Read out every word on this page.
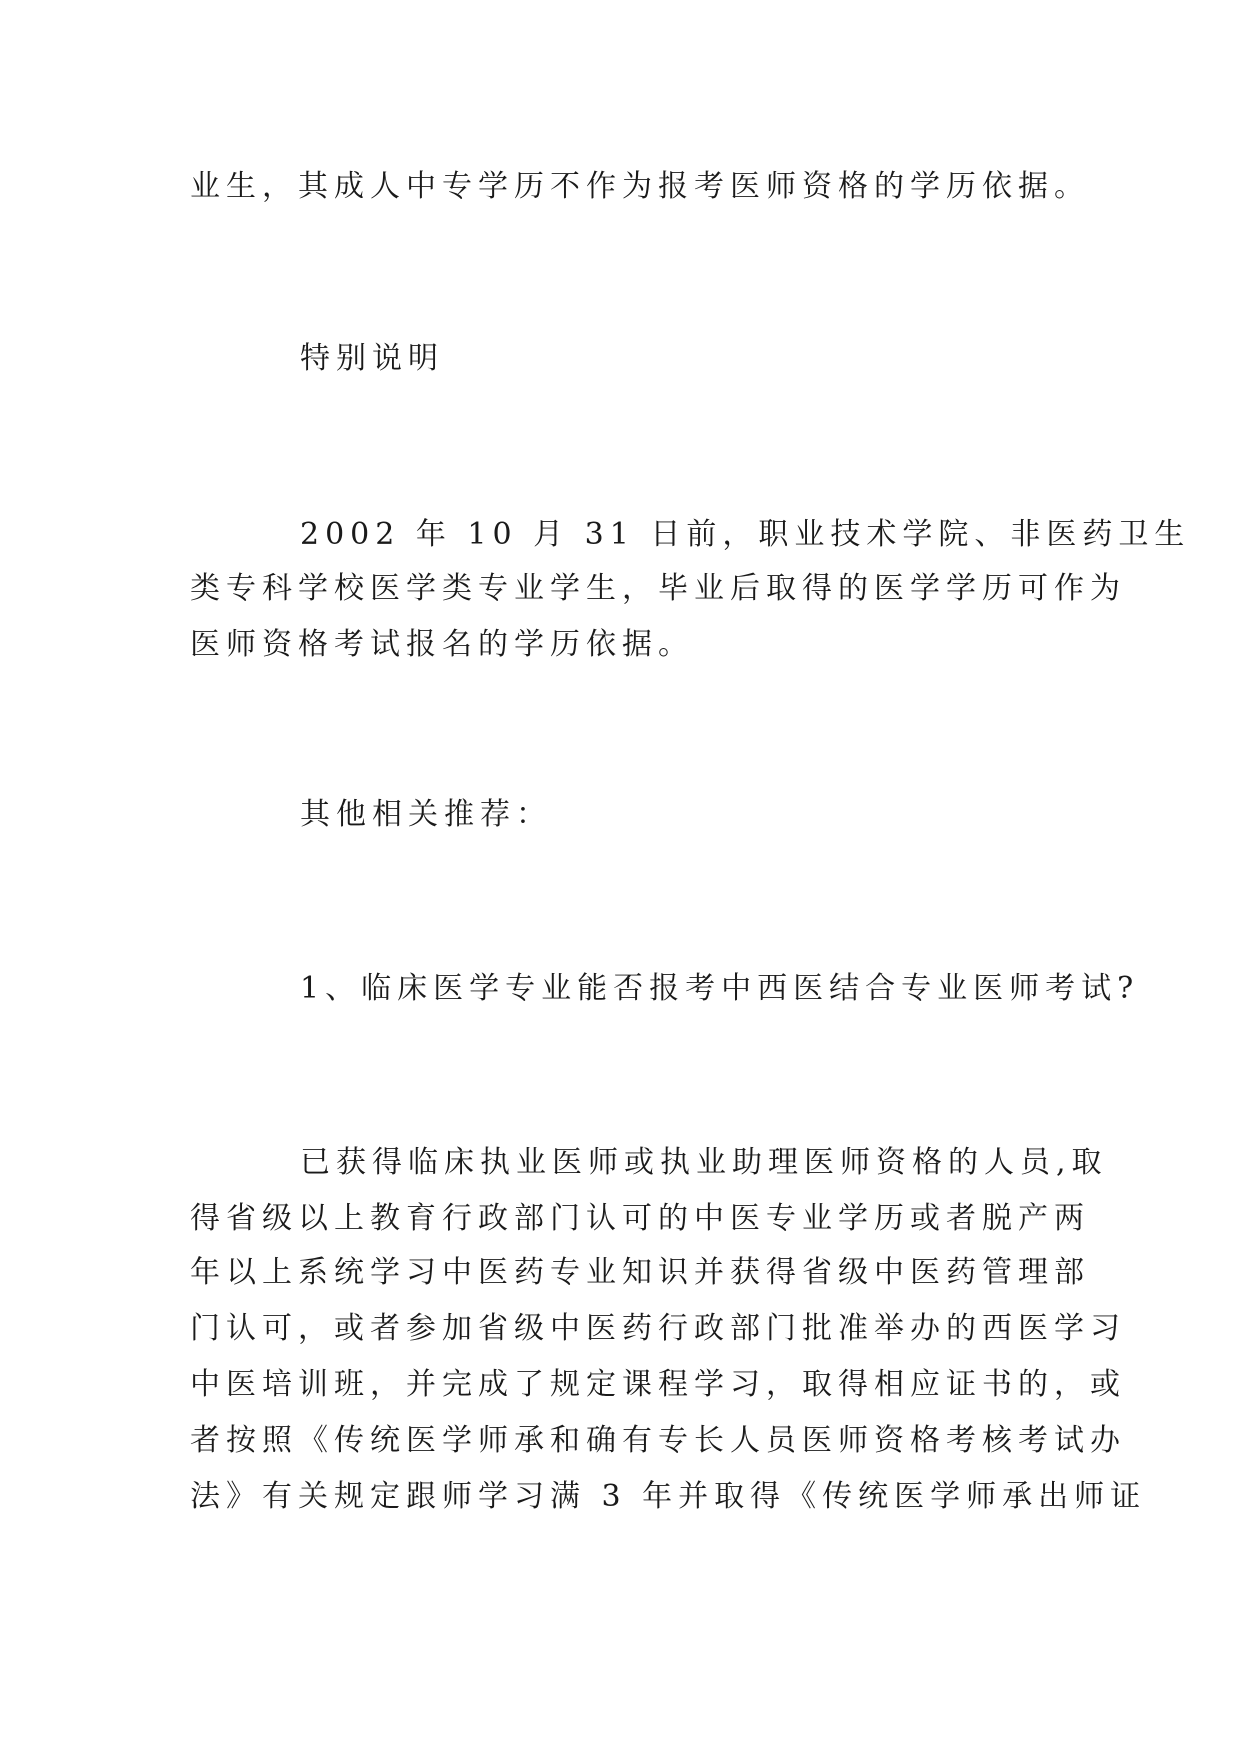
业生，其成人中专学历不作为报考医师资格的学历依据。
特别说明
2002 年 10 月 31 日前，职业技术学院、非医药卫生
类专科学校医学类专业学生，毕业后取得的医学学历可作为
医师资格考试报名的学历依据。
其他相关推荐：
1、临床医学专业能否报考中西医结合专业医师考试?
已获得临床执业医师或执业助理医师资格的人员,取
得省级以上教育行政部门认可的中医专业学历或者脱产两
年以上系统学习中医药专业知识并获得省级中医药管理部
门认可，或者参加省级中医药行政部门批准举办的西医学习
中医培训班，并完成了规定课程学习，取得相应证书的，或
者按照《传统医学师承和确有专长人员医师资格考核考试办
法》有关规定跟师学习满 3 年并取得《传统医学师承出师证
